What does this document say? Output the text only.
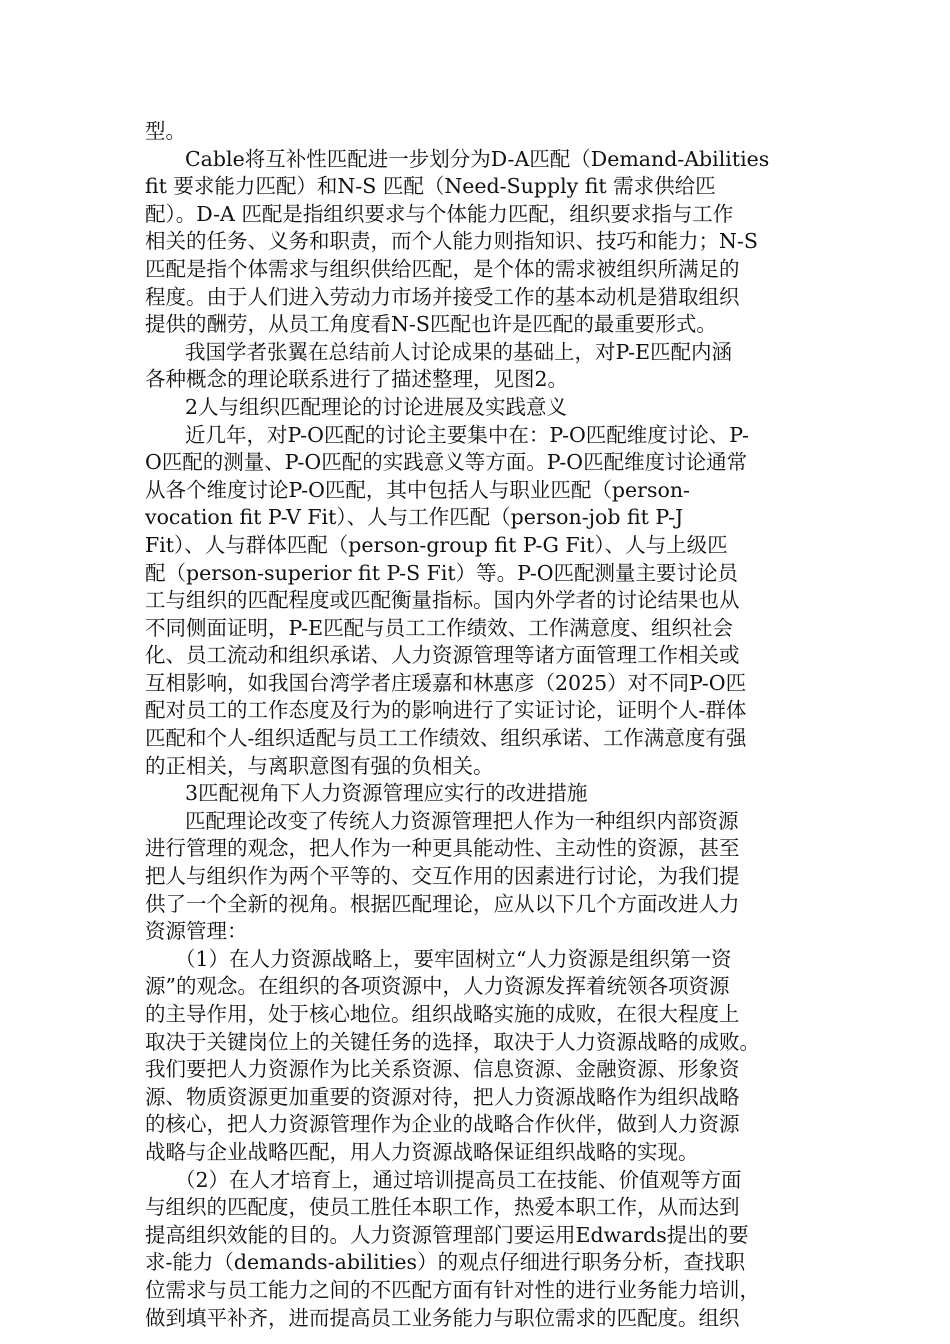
型。
Cable将互补性匹配进一步划分为D-A匹配（Demand-Abilities
fit 要求能力匹配）和N-S 匹配（Need-Supply fit 需求供给匹
配）。D-A 匹配是指组织要求与个体能力匹配，组织要求指与工作
相关的任务、义务和职责，而个人能力则指知识、技巧和能力；N-S
匹配是指个体需求与组织供给匹配，是个体的需求被组织所满足的
程度。由于人们进入劳动力市场并接受工作的基本动机是猎取组织
提供的酬劳，从员工角度看N-S匹配也许是匹配的最重要形式。
我国学者张翼在总结前人讨论成果的基础上，对P-E匹配内涵
各种概念的理论联系进行了描述整理，见图2。
2人与组织匹配理论的讨论进展及实践意义
近几年，对P-O匹配的讨论主要集中在：P-O匹配维度讨论、P-
O匹配的测量、P-O匹配的实践意义等方面。P-O匹配维度讨论通常
从各个维度讨论P-O匹配，其中包括人与职业匹配（person-
vocation fit P-V Fit）、人与工作匹配（person-job fit P-J
Fit）、人与群体匹配（person-group fit P-G Fit）、人与上级匹
配（person-superior fit P-S Fit）等。P-O匹配测量主要讨论员
工与组织的匹配程度或匹配衡量指标。国内外学者的讨论结果也从
不同侧面证明，P-E匹配与员工工作绩效、工作满意度、组织社会
化、员工流动和组织承诺、人力资源管理等诸方面管理工作相关或
互相影响，如我国台湾学者庄瑗嘉和林惠彦（2025）对不同P-O匹
配对员工的工作态度及行为的影响进行了实证讨论，证明个人-群体
匹配和个人-组织适配与员工工作绩效、组织承诺、工作满意度有强
的正相关，与离职意图有强的负相关。
3匹配视角下人力资源管理应实行的改进措施
匹配理论改变了传统人力资源管理把人作为一种组织内部资源
进行管理的观念，把人作为一种更具能动性、主动性的资源，甚至
把人与组织作为两个平等的、交互作用的因素进行讨论，为我们提
供了一个全新的视角。根据匹配理论，应从以下几个方面改进人力
资源管理：
（1）在人力资源战略上，要牢固树立“人力资源是组织第一资
源”的观念。在组织的各项资源中，人力资源发挥着统领各项资源
的主导作用，处于核心地位。组织战略实施的成败，在很大程度上
取决于关键岗位上的关键任务的选择，取决于人力资源战略的成败。
我们要把人力资源作为比关系资源、信息资源、金融资源、形象资
源、物质资源更加重要的资源对待，把人力资源战略作为组织战略
的核心，把人力资源管理作为企业的战略合作伙伴，做到人力资源
战略与企业战略匹配，用人力资源战略保证组织战略的实现。
（2）在人才培育上，通过培训提高员工在技能、价值观等方面
与组织的匹配度，使员工胜任本职工作，热爱本职工作，从而达到
提高组织效能的目的。人力资源管理部门要运用Edwards提出的要
求-能力（demands-abilities）的观点仔细进行职务分析，查找职
位需求与员工能力之间的不匹配方面有针对性的进行业务能力培训，
做到填平补齐，进而提高员工业务能力与职位需求的匹配度。组织
